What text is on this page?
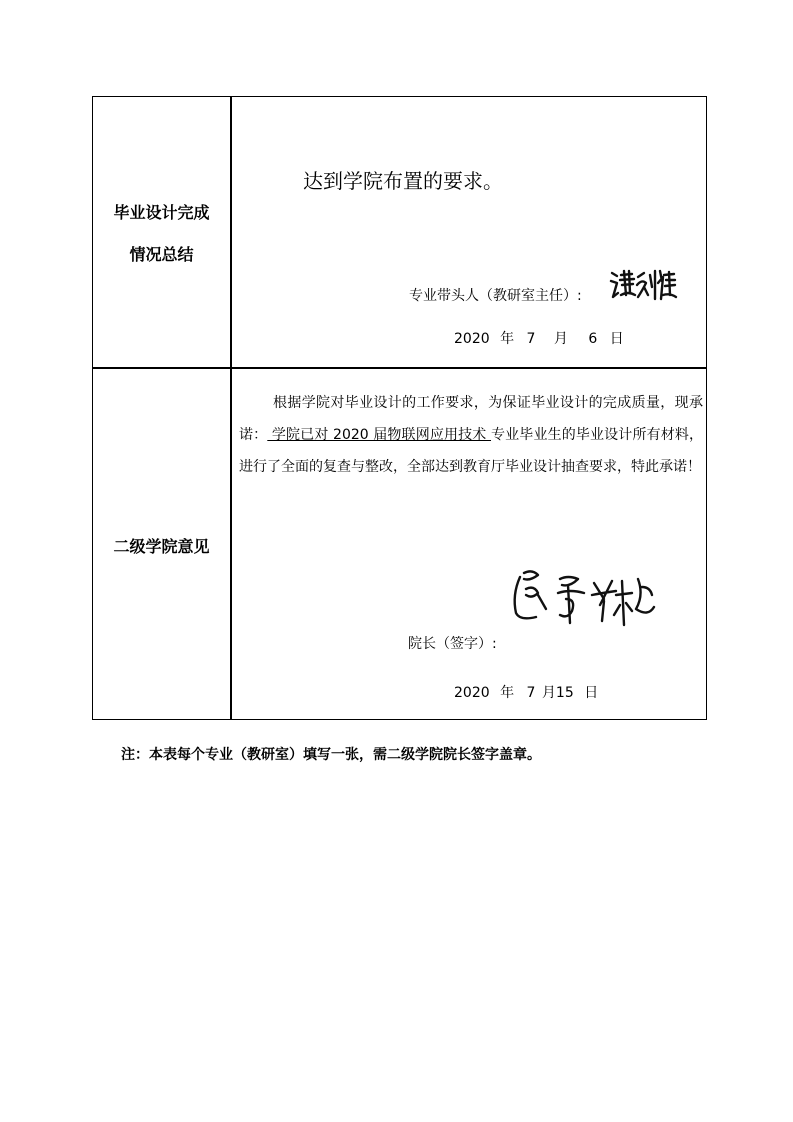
毕业设计完成
情况总结
达到学院布置的要求。
专业带头人（教研室主任）:
2020 年 7 月 6 日
二级学院意见
根据学院对毕业设计的工作要求，为保证毕业设计的完成质量，现承诺： 学院已对 2020 届物联网应用技术 专业毕业生的毕业设计所有材料，进行了全面的复查与整改，全部达到教育厅毕业设计抽查要求，特此承诺！
院长（签字）:
2020 年 7 月15 日
注：本表每个专业（教研室）填写一张，需二级学院院长签字盖章。
